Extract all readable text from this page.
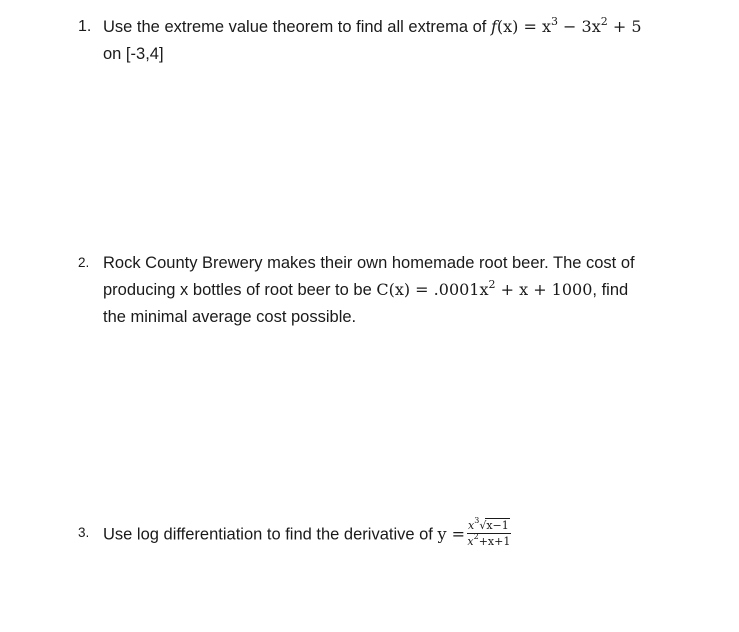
1. Use the extreme value theorem to find all extrema of $f(x) = x^3 - 3x^2 + 5$
on [-3,4]
2. Rock County Brewery makes their own homemade root beer. The cost of
producing x bottles of root beer to be $C(x) = .0001x^2 + x + 1000$, find
the minimal average cost possible.
3. Use log differentiation to find the derivative of $y = \frac{x^3√x-1}{x^2+x+1}$
